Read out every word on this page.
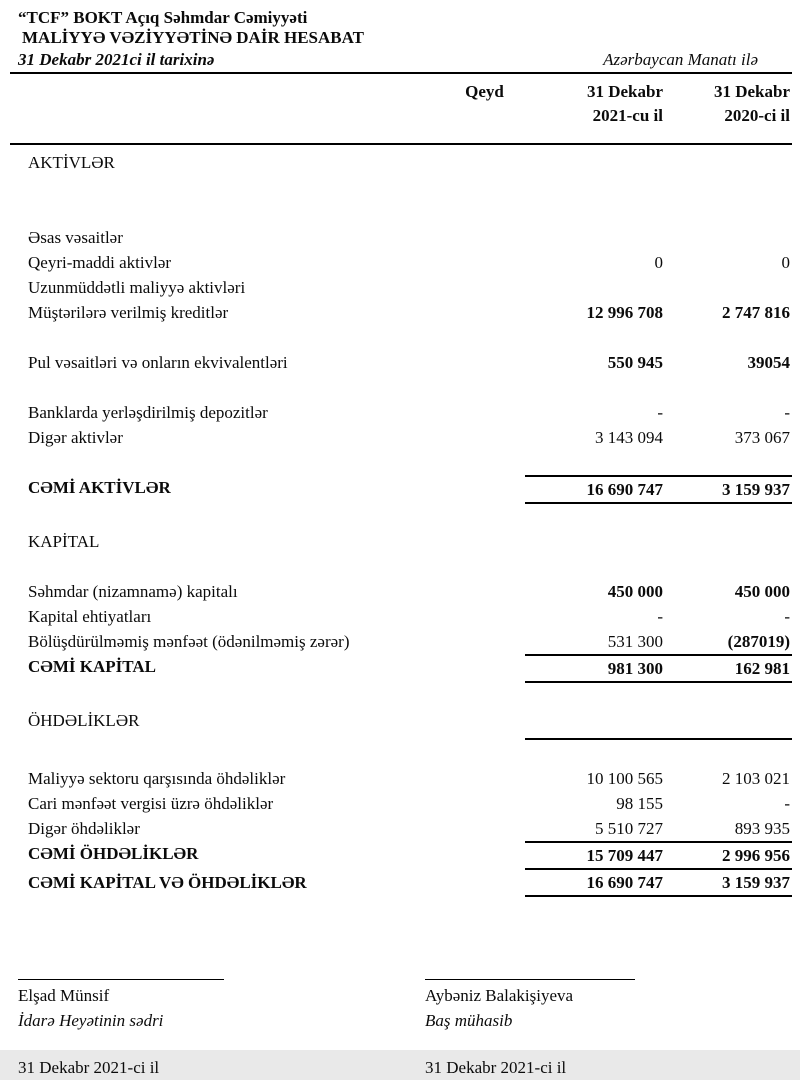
“TCF” BOKT Açıq Səhmdar Cəmiyyəti
MALİYYƏ VƏZİYYƏTİNƏ DAİR HESABAT
31 Dekabr 2021ci il tarixinə	Azərbaycan Manatı ilə
Qeyd	31 Dekabr
2021-cu il
31 Dekabr
2020-ci il
AKTİVLƏR
Əsas vəsaitlər
Qeyri-maddi aktivlər	0	0
Uzunmüddətli maliyyə aktivləri
Müştərilərə verilmiş kreditlər	12 996 708	2 747 816
Pul vəsaitləri və onların ekvivalentləri	550 945	39054
Banklarda yerləşdirilmiş depozitlər	-	-
Digər aktivlər	3 143 094	373 067
CƏMİ AKTİVLƏR	16 690 747	3 159 937
KAPİTAL
Səhmdar (nizamnamə) kapitalı	450 000	450 000
Kapital ehtiyatları	-	-
Bölüşdürülməmiş mənfəət (ödənilməmiş zərər)	531 300	(287019)
CƏMİ KAPİTAL	981 300	162 981
ÖHDƏLİKLƏR
Maliyyə sektoru qarşısında öhdəliklər	10 100 565	2 103 021
Cari mənfəət vergisi üzrə öhdəliklər	98 155	-
Digər öhdəliklər	5 510 727	893 935
CƏMİ ÖHDƏLİKLƏR	15 709 447	2 996 956
CƏMİ KAPİTAL VƏ ÖHDƏLİKLƏR	16 690 747	3 159 937
Elşad Münsif
İdarə Heyətinin sədri
Aybəniz Balakişiyeva
Baş mühasib
31 Dekabr 2021-ci il	31 Dekabr 2021-ci il
